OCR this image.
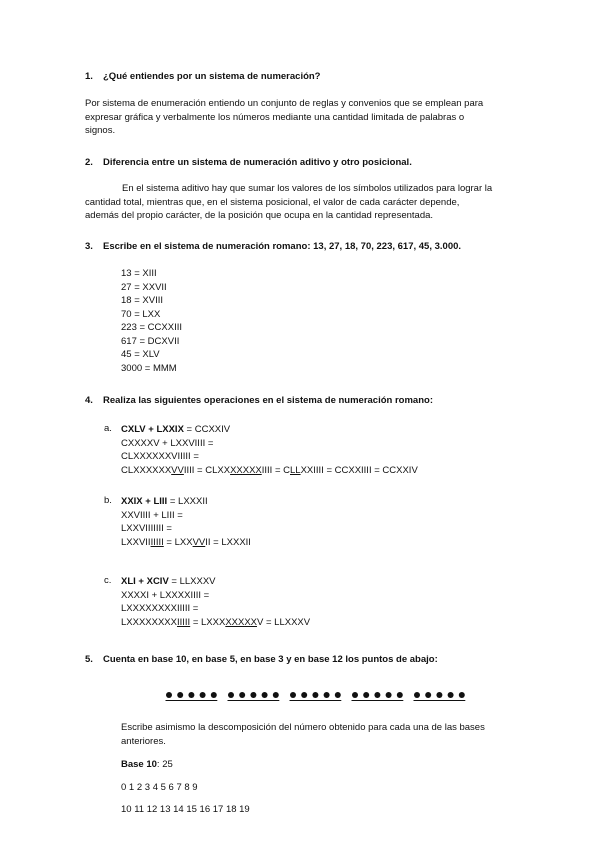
1. ¿Qué entiendes por un sistema de numeración?
Por sistema de enumeración entiendo un conjunto de reglas y convenios que se emplean para
expresar gráfica y verbalmente los números mediante una cantidad limitada de palabras o
signos.
2. Diferencia entre un sistema de numeración aditivo y otro posicional.
En el sistema aditivo hay que sumar los valores de los símbolos utilizados para lograr la
cantidad total, mientras que, en el sistema posicional, el valor de cada carácter depende,
además del propio carácter, de la posición que ocupa en la cantidad representada.
3. Escribe en el sistema de numeración romano: 13, 27, 18, 70, 223, 617, 45, 3.000.
13 = XIII
27 = XXVII
18 = XVIII
70 = LXX
223 = CCXXIII
617 = DCXVII
45 = XLV
3000 = MMM
4. Realiza las siguientes operaciones en el sistema de numeración romano:
a. CXLV + LXXIX = CCXXIV
CXXXXV + LXXVIIII =
CLXXXXXXVIIIII =
CLXXXXXXVVIIII = CLXXXXXXXIIII = CLLXXIIII = CCXXIIII = CCXXIV
b. XXIX + LIII = LXXXII
XXVIIII + LIII =
LXXVIIIIIII =
LXXVIIIIIII = LXXVVII = LXXXII
c. XLI + XCIV = LLXXXV
XXXXI + LXXXXIIII =
LXXXXXXXXIIIII =
LXXXXXXXXIIIII = LXXXXXXXXV = LLXXXV
5. Cuenta en base 10, en base 5, en base 3 y en base 12 los puntos de abajo:
Escribe asimismo la descomposición del número obtenido para cada una de las bases
anteriores.
Base 10: 25
0 1 2 3 4 5 6 7 8 9
10 11 12 13 14 15 16 17 18 19
